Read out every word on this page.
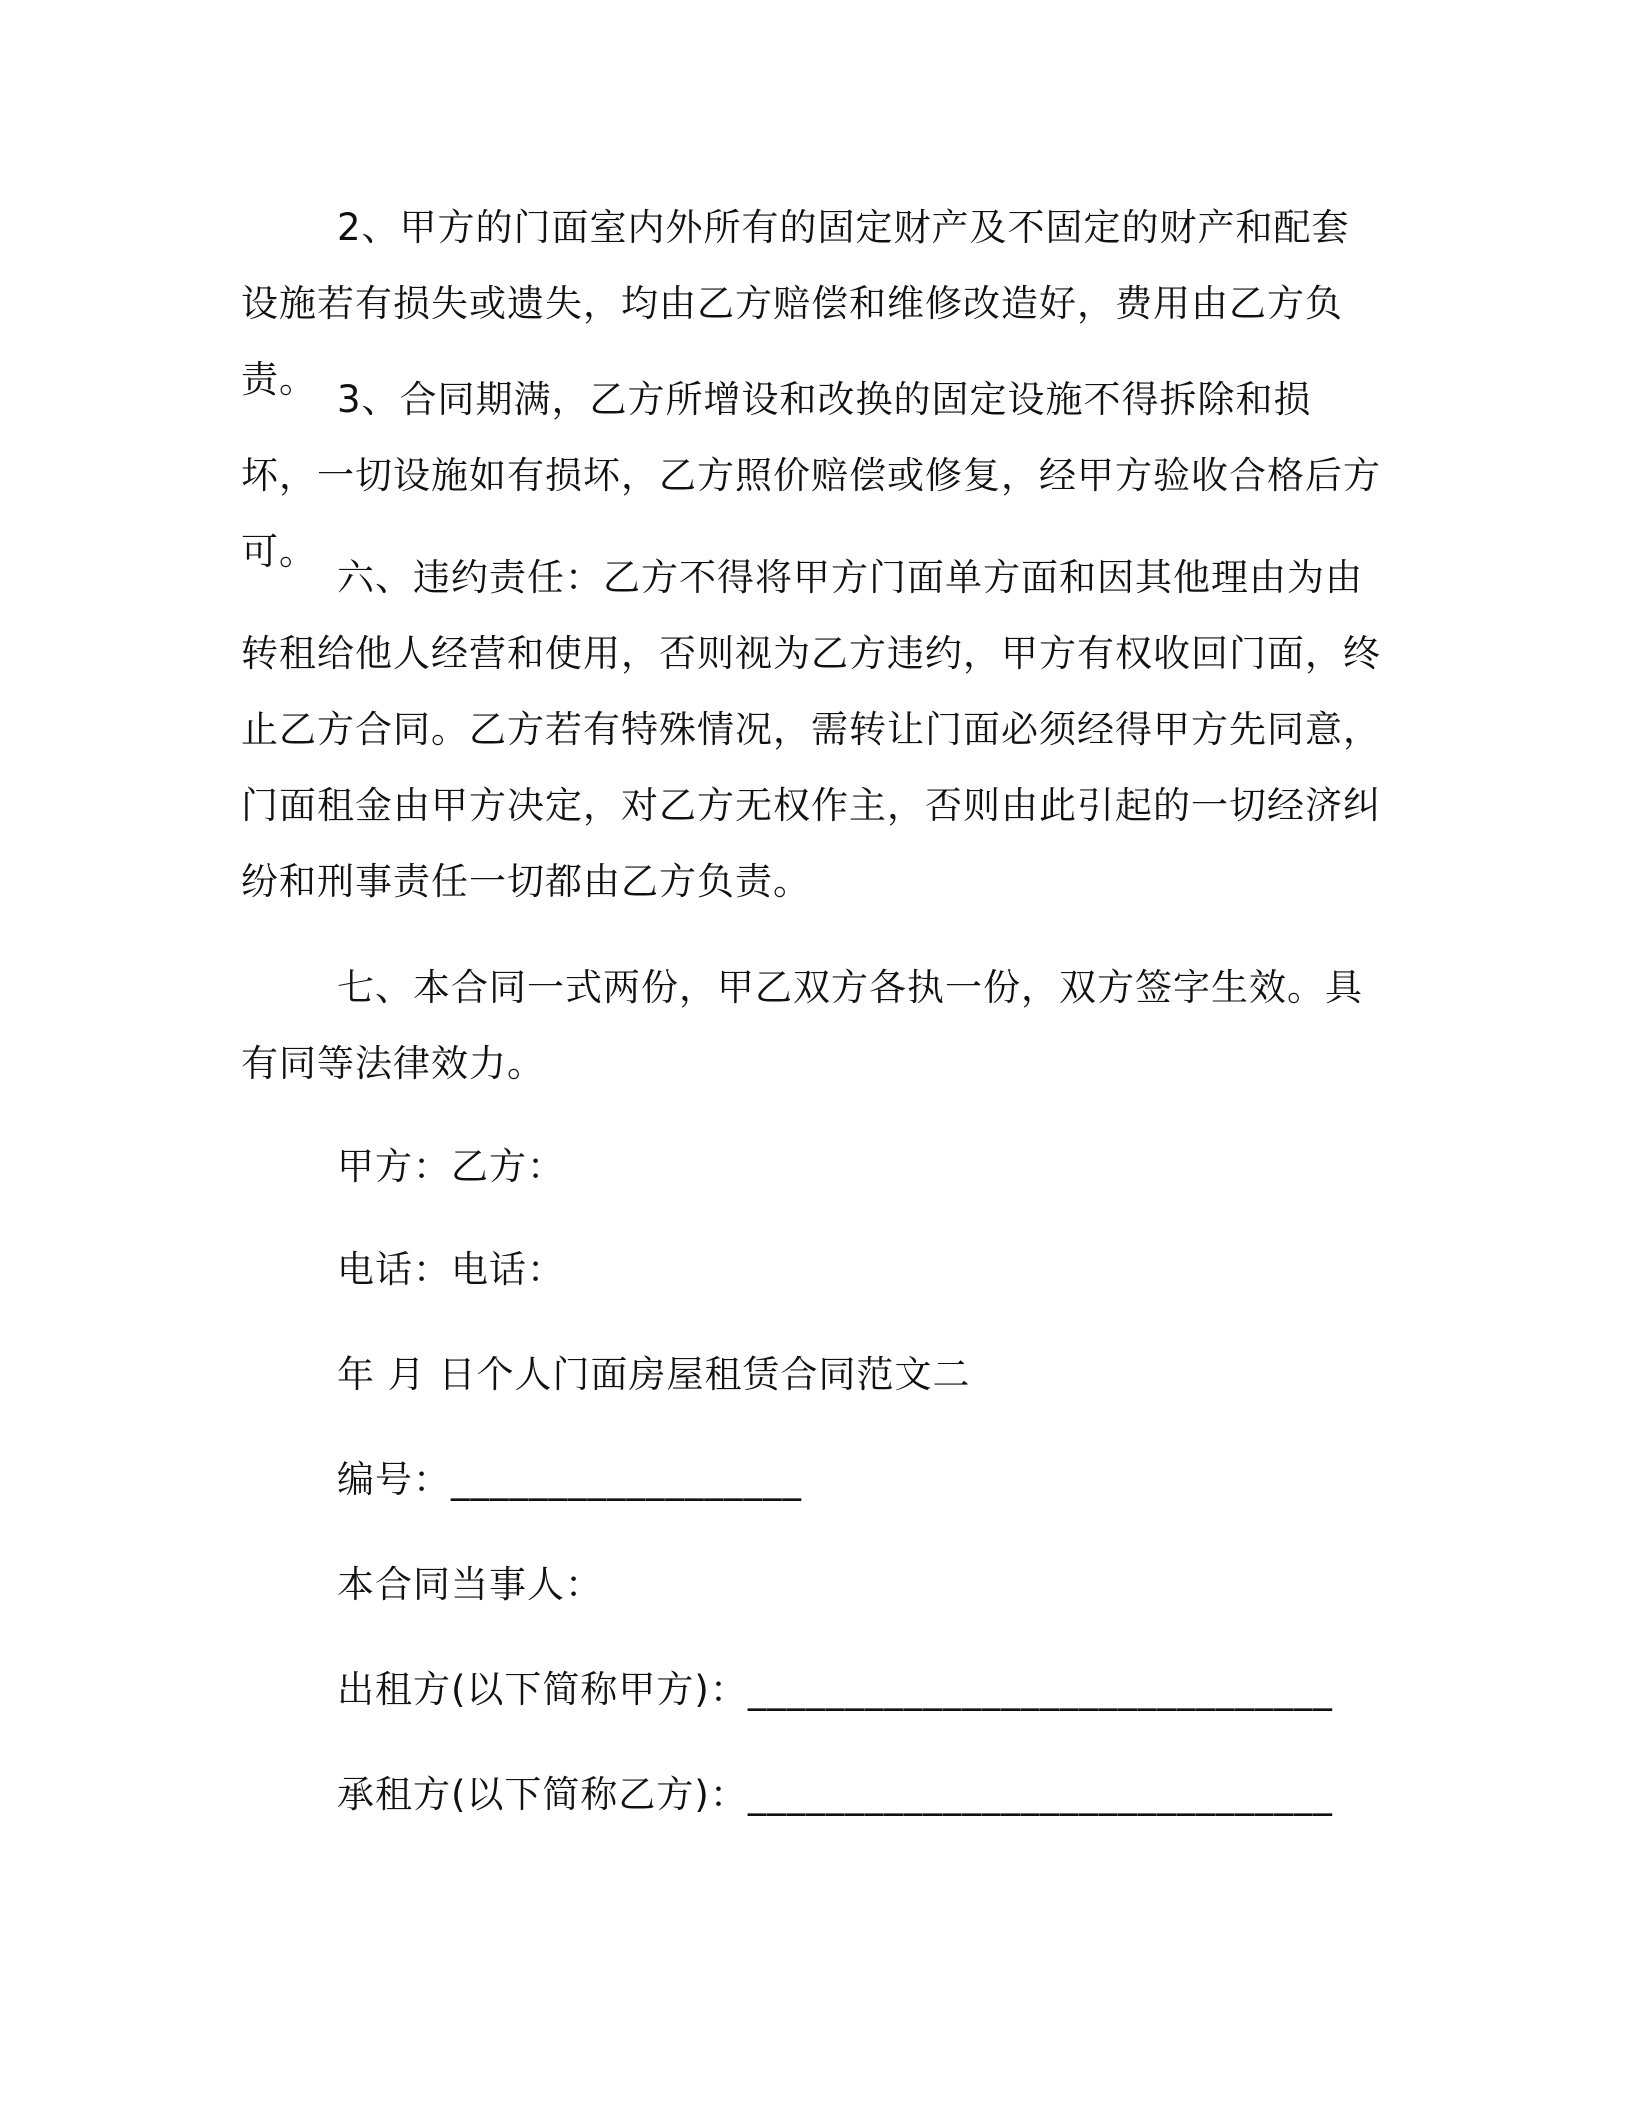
2、甲方的门面室内外所有的固定财产及不固定的财产和配套设施若有损失或遗失，均由乙方赔偿和维修改造好，费用由乙方负责。 3、合同期满，乙方所增设和改换的固定设施不得拆除和损坏，一切设施如有损坏，乙方照价赔偿或修复，经甲方验收合格后方可。

六、违约责任：乙方不得将甲方门面单方面和因其他理由为由转租给他人经营和使用，否则视为乙方违约，甲方有权收回门面，终止乙方合同。乙方若有特殊情况，需转让门面必须经得甲方先同意，门面租金由甲方决定，对乙方无权作主，否则由此引起的一切经济纠纷和刑事责任一切都由乙方负责。

七、本合同一式两份，甲乙双方各执一份，双方签字生效。具有同等法律效力。

甲方：乙方：

电话：电话：

年 月 日个人门面房屋租赁合同范文二

编号：__________________

本合同当事人：

出租方(以下简称甲方)：______________________________

承租方(以下简称乙方)：______________________________
